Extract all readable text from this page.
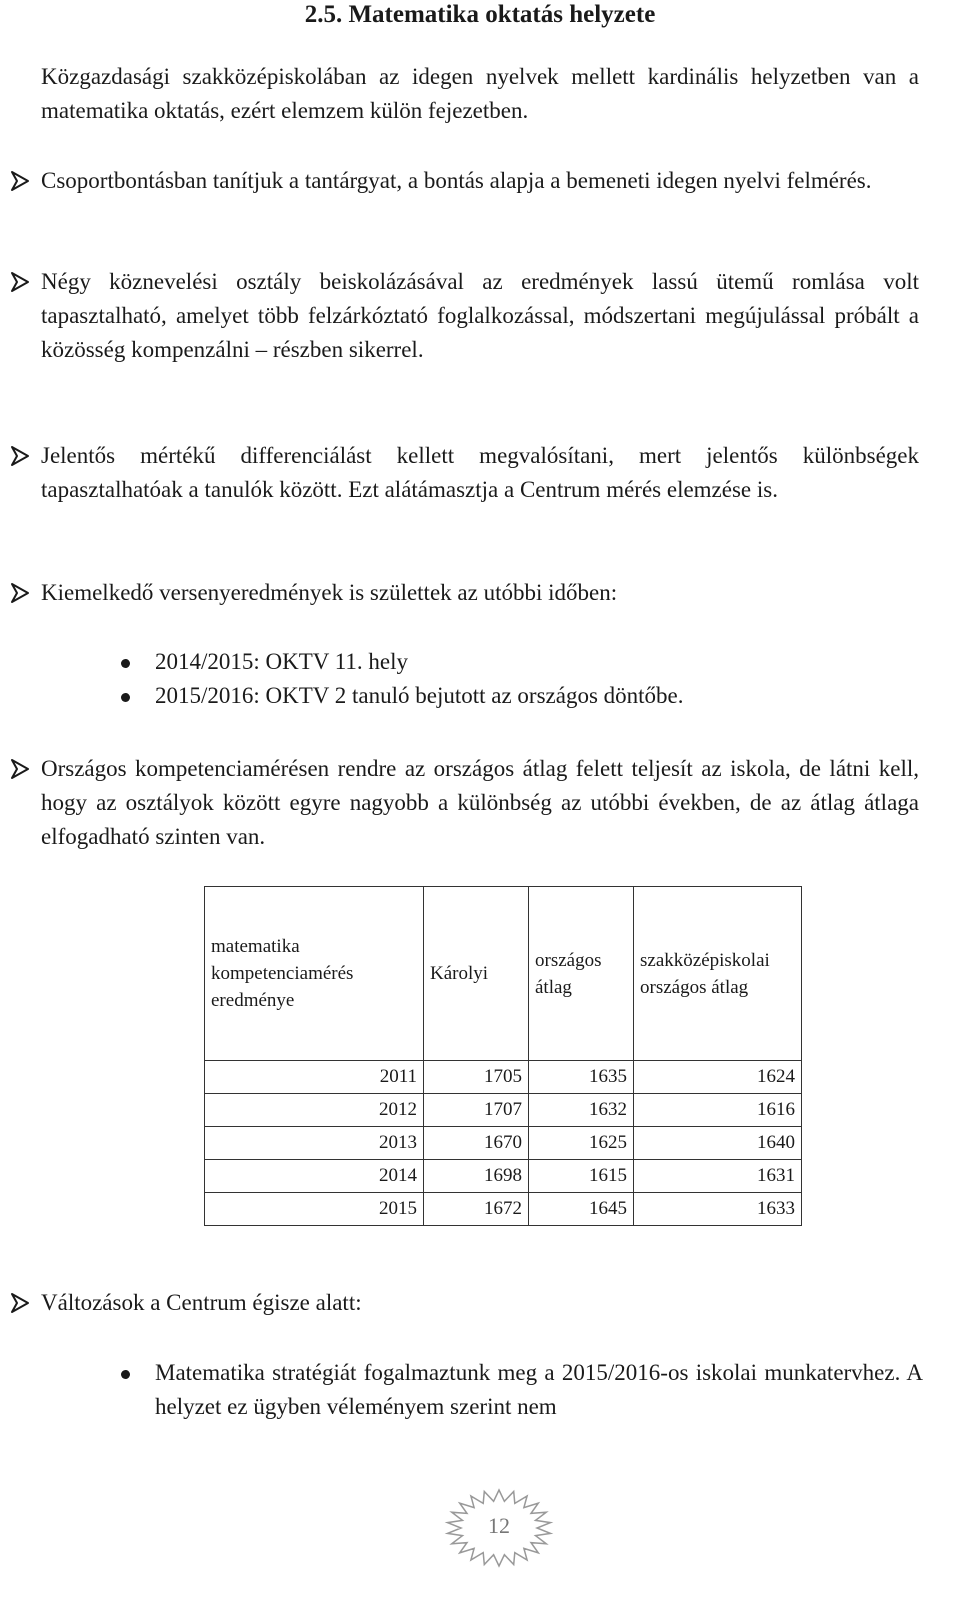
2.5. Matematika oktatás helyzete
Közgazdasági szakközépiskolában az idegen nyelvek mellett kardinális helyzetben van a matematika oktatás, ezért elemzem külön fejezetben.
Csoportbontásban tanítjuk a tantárgyat, a bontás alapja a bemeneti idegen nyelvi felmérés.
Négy köznevelési osztály beiskolázásával az eredmények lassú ütemű romlása volt tapasztalható, amelyet több felzárkóztató foglalkozással, módszertani megújulással próbált a közösség kompenzálni – részben sikerrel.
Jelentős mértékű differenciálást kellett megvalósítani, mert jelentős különbségek tapasztalhatóak a tanulók között. Ezt alátámasztja a Centrum mérés elemzése is.
Kiemelkedő versenyeredmények is születtek az utóbbi időben:
2014/2015: OKTV 11. hely
2015/2016: OKTV 2 tanuló bejutott az országos döntőbe.
Országos kompetenciamérésen rendre az országos átlag felett teljesít az iskola, de látni kell, hogy az osztályok között egyre nagyobb a különbség az utóbbi években, de az átlag átlaga elfogadható szinten van.
matematika kompetenciamérés eredménye	Károlyi	országos átlag	szakközépiskolai országos átlag
2011	1705	1635	1624
2012	1707	1632	1616
2013	1670	1625	1640
2014	1698	1615	1631
2015	1672	1645	1633
Változások a Centrum égisze alatt:
Matematika stratégiát fogalmaztunk meg a 2015/2016-os iskolai munkatervhez. A helyzet ez ügyben véleményem szerint nem
12
